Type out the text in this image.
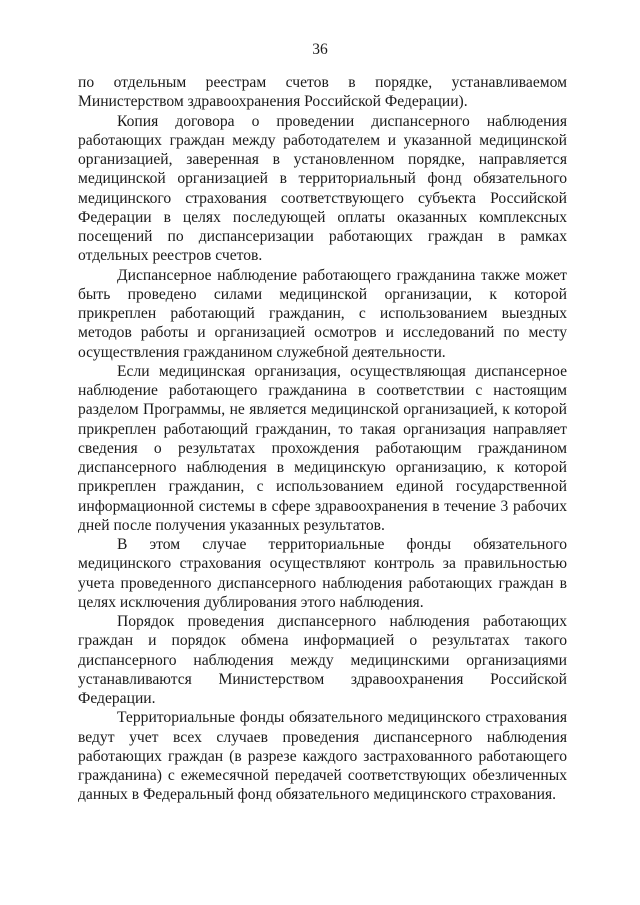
36

по отдельным реестрам счетов в порядке, устанавливаемом Министерством здравоохранения Российской Федерации).

Копия договора о проведении диспансерного наблюдения работающих граждан между работодателем и указанной медицинской организацией, заверенная в установленном порядке, направляется медицинской организацией в территориальный фонд обязательного медицинского страхования соответствующего субъекта Российской Федерации в целях последующей оплаты оказанных комплексных посещений по диспансеризации работающих граждан в рамках отдельных реестров счетов.

Диспансерное наблюдение работающего гражданина также может быть проведено силами медицинской организации, к которой прикреплен работающий гражданин, с использованием выездных методов работы и организацией осмотров и исследований по месту осуществления гражданином служебной деятельности.

Если медицинская организация, осуществляющая диспансерное наблюдение работающего гражданина в соответствии с настоящим разделом Программы, не является медицинской организацией, к которой прикреплен работающий гражданин, то такая организация направляет сведения о результатах прохождения работающим гражданином диспансерного наблюдения в медицинскую организацию, к которой прикреплен гражданин, с использованием единой государственной информационной системы в сфере здравоохранения в течение 3 рабочих дней после получения указанных результатов.

В этом случае территориальные фонды обязательного медицинского страхования осуществляют контроль за правильностью учета проведенного диспансерного наблюдения работающих граждан в целях исключения дублирования этого наблюдения.

Порядок проведения диспансерного наблюдения работающих граждан и порядок обмена информацией о результатах такого диспансерного наблюдения между медицинскими организациями устанавливаются Министерством здравоохранения Российской Федерации.

Территориальные фонды обязательного медицинского страхования ведут учет всех случаев проведения диспансерного наблюдения работающих граждан (в разрезе каждого застрахованного работающего гражданина) с ежемесячной передачей соответствующих обезличенных данных в Федеральный фонд обязательного медицинского страхования.
